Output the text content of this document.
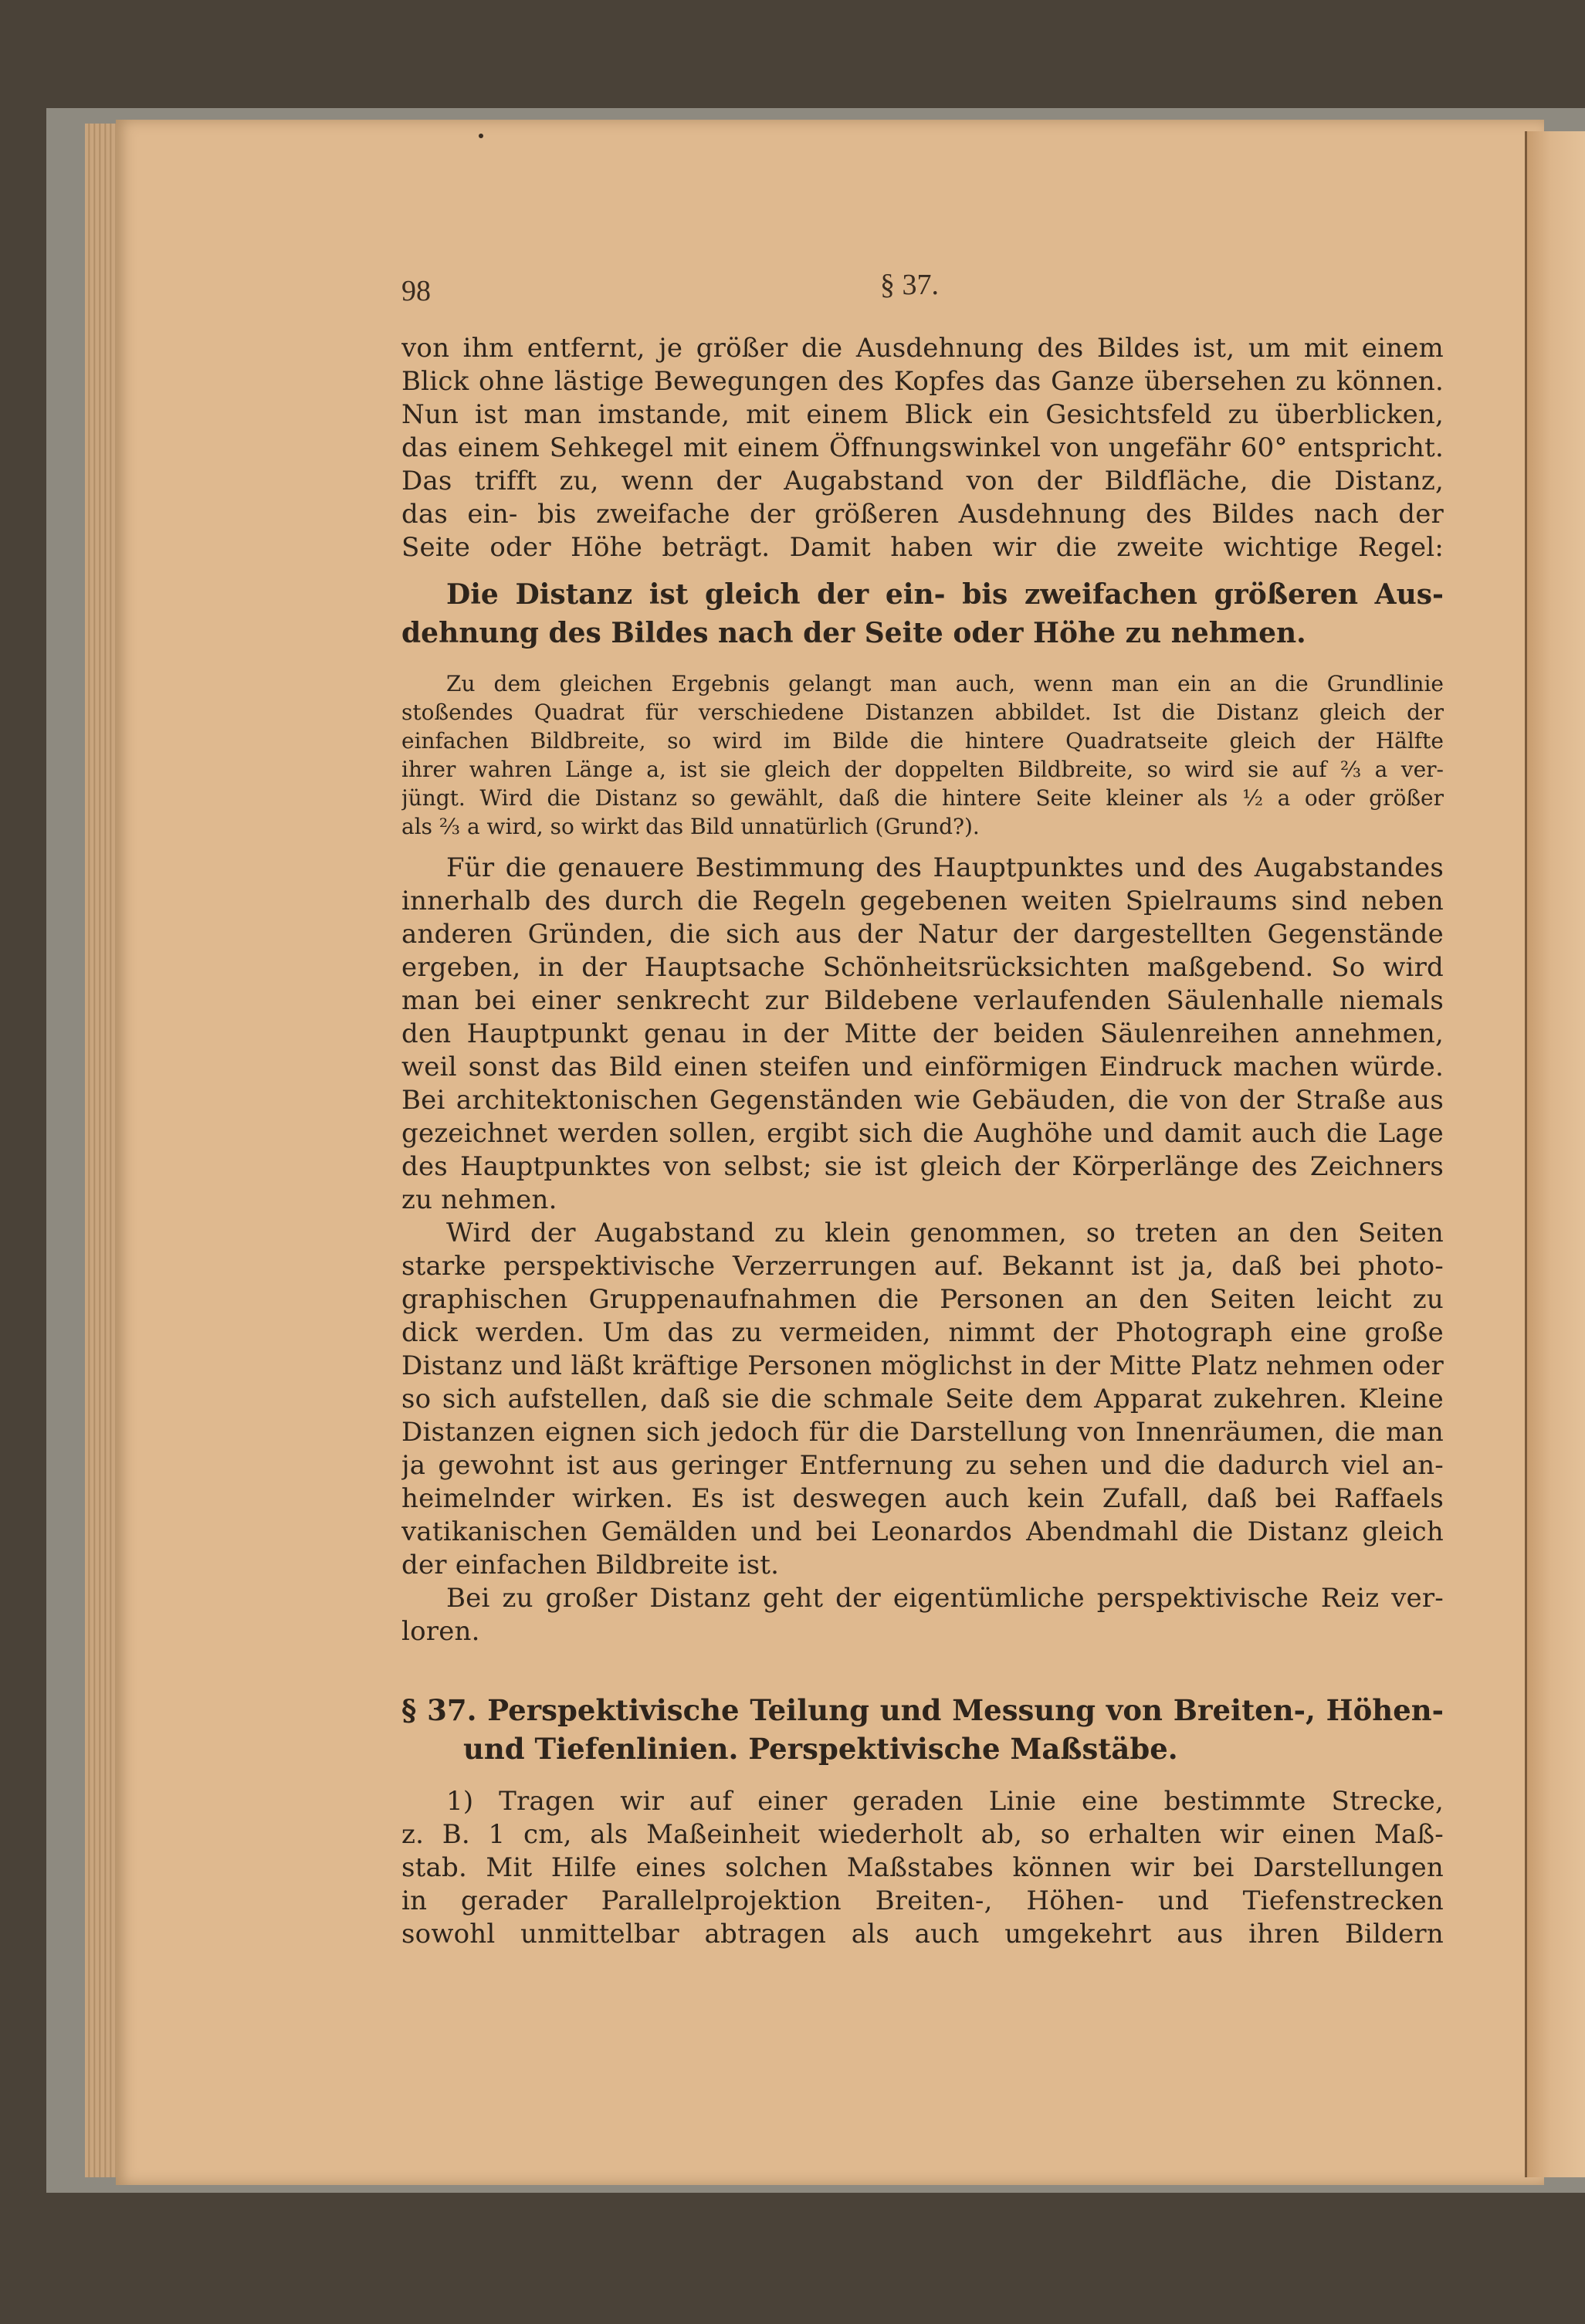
98	§ 37.
von ihm entfernt, je größer die Ausdehnung des Bildes ist, um mit einem
Blick ohne lästige Bewegungen des Kopfes das Ganze übersehen zu können.
Nun ist man imstande, mit einem Blick ein Gesichtsfeld zu überblicken,
das einem Sehkegel mit einem Öffnungswinkel von ungefähr 60° entspricht.
Das trifft zu, wenn der Augabstand von der Bildfläche, die Distanz,
das ein- bis zweifache der größeren Ausdehnung des Bildes nach der
Seite oder Höhe beträgt. Damit haben wir die zweite wichtige Regel:
Die Distanz ist gleich der ein- bis zweifachen größeren Aus-
dehnung des Bildes nach der Seite oder Höhe zu nehmen.
Zu dem gleichen Ergebnis gelangt man auch, wenn man ein an die Grundlinie
stoßendes Quadrat für verschiedene Distanzen abbildet. Ist die Distanz gleich der
einfachen Bildbreite, so wird im Bilde die hintere Quadratseite gleich der Hälfte
ihrer wahren Länge a, ist sie gleich der doppelten Bildbreite, so wird sie auf ⅔ a ver-
jüngt. Wird die Distanz so gewählt, daß die hintere Seite kleiner als ½ a oder größer
als ⅔ a wird, so wirkt das Bild unnatürlich (Grund?).
Für die genauere Bestimmung des Hauptpunktes und des Augabstandes
innerhalb des durch die Regeln gegebenen weiten Spielraums sind neben
anderen Gründen, die sich aus der Natur der dargestellten Gegenstände
ergeben, in der Hauptsache Schönheitsrücksichten maßgebend. So wird
man bei einer senkrecht zur Bildebene verlaufenden Säulenhalle niemals
den Hauptpunkt genau in der Mitte der beiden Säulenreihen annehmen,
weil sonst das Bild einen steifen und einförmigen Eindruck machen würde.
Bei architektonischen Gegenständen wie Gebäuden, die von der Straße aus
gezeichnet werden sollen, ergibt sich die Aughöhe und damit auch die Lage
des Hauptpunktes von selbst; sie ist gleich der Körperlänge des Zeichners
zu nehmen.
Wird der Augabstand zu klein genommen, so treten an den Seiten
starke perspektivische Verzerrungen auf. Bekannt ist ja, daß bei photo-
graphischen Gruppenaufnahmen die Personen an den Seiten leicht zu
dick werden. Um das zu vermeiden, nimmt der Photograph eine große
Distanz und läßt kräftige Personen möglichst in der Mitte Platz nehmen oder
so sich aufstellen, daß sie die schmale Seite dem Apparat zukehren. Kleine
Distanzen eignen sich jedoch für die Darstellung von Innenräumen, die man
ja gewohnt ist aus geringer Entfernung zu sehen und die dadurch viel an-
heimelnder wirken. Es ist deswegen auch kein Zufall, daß bei Raffaels
vatikanischen Gemälden und bei Leonardos Abendmahl die Distanz gleich
der einfachen Bildbreite ist.
Bei zu großer Distanz geht der eigentümliche perspektivische Reiz ver-
loren.
§ 37. Perspektivische Teilung und Messung von Breiten-, Höhen-
und Tiefenlinien. Perspektivische Maßstäbe.
1) Tragen wir auf einer geraden Linie eine bestimmte Strecke,
z. B. 1 cm, als Maßeinheit wiederholt ab, so erhalten wir einen Maß-
stab. Mit Hilfe eines solchen Maßstabes können wir bei Darstellungen
in gerader Parallelprojektion Breiten-, Höhen- und Tiefenstrecken
sowohl unmittelbar abtragen als auch umgekehrt aus ihren Bildern
